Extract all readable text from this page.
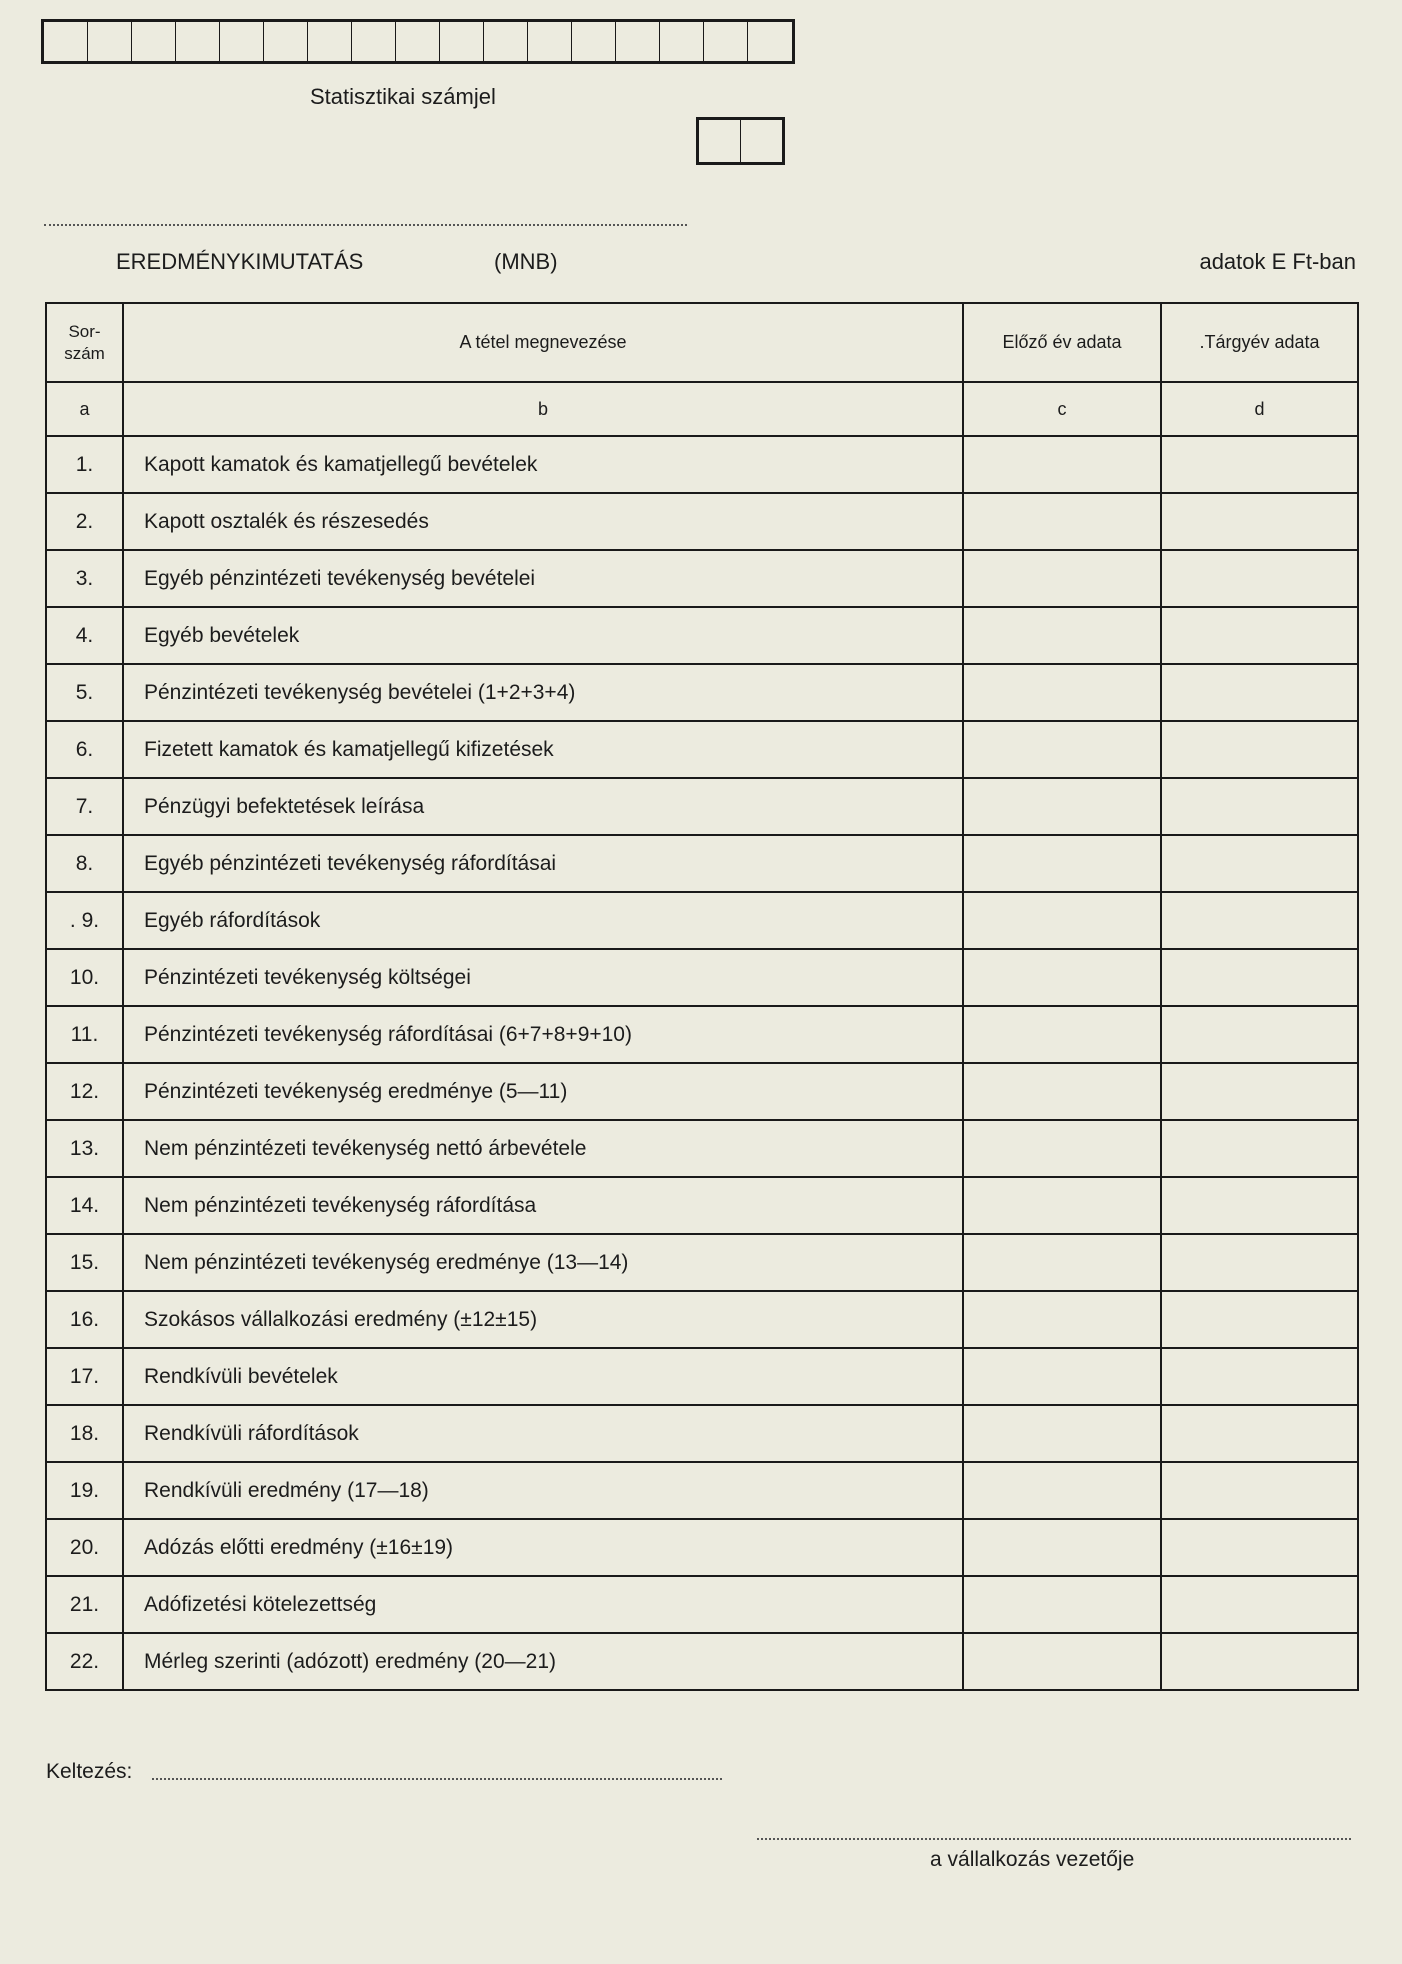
Statisztikai számjel
EREDMÉNYKIMUTATÁS	(MNB)	adatok E Ft-ban
Sor-
szám	A tétel megnevezése	Előző év adata	.Tárgyév adata
a	b	c	d
1.	Kapott kamatok és kamatjellegű bevételek		
2.	Kapott osztalék és részesedés		
3.	Egyéb pénzintézeti tevékenység bevételei		
4.	Egyéb bevételek		
5.	Pénzintézeti tevékenység bevételei (1+2+3+4)		
6.	Fizetett kamatok és kamatjellegű kifizetések		
7.	Pénzügyi befektetések leírása		
8.	Egyéb pénzintézeti tevékenység ráfordításai		
. 9.	Egyéb ráfordítások		
10.	Pénzintézeti tevékenység költségei		
11.	Pénzintézeti tevékenység ráfordításai (6+7+8+9+10)		
12.	Pénzintézeti tevékenység eredménye (5—11)		
13.	Nem pénzintézeti tevékenység nettó árbevétele		
14.	Nem pénzintézeti tevékenység ráfordítása		
15.	Nem pénzintézeti tevékenység eredménye (13—14)		
16.	Szokásos vállalkozási eredmény (±12±15)		
17.	Rendkívüli bevételek		
18.	Rendkívüli ráfordítások		
19.	Rendkívüli eredmény (17—18)		
20.	Adózás előtti eredmény (±16±19)		
21.	Adófizetési kötelezettség		
22.	Mérleg szerinti (adózott) eredmény (20—21)		
Keltezés:
a vállalkozás vezetője
